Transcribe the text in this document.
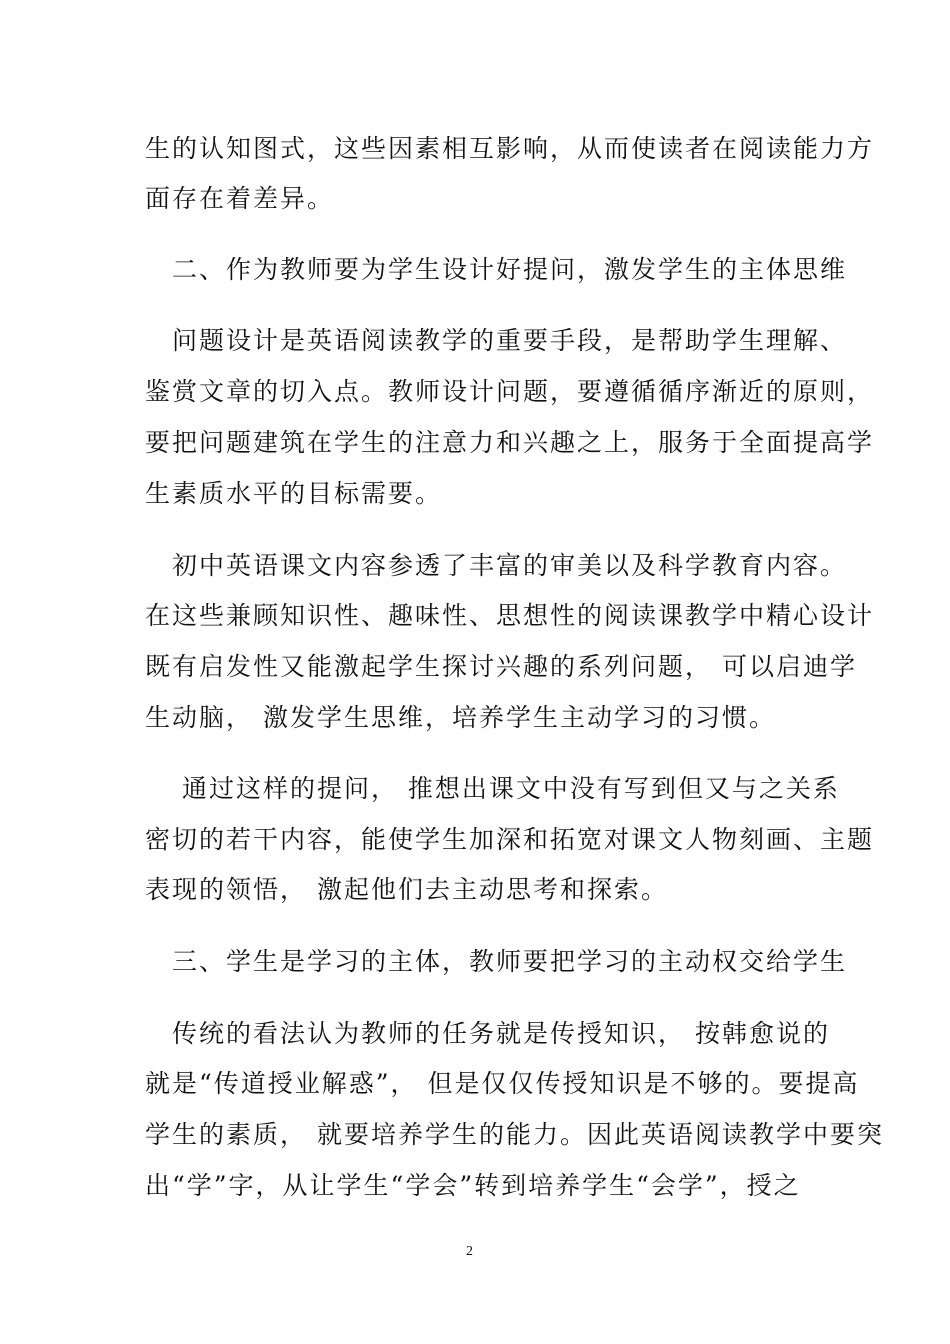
生的认知图式，这些因素相互影响，从而使读者在阅读能力方
面存在着差异。
　二、作为教师要为学生设计好提问，激发学生的主体思维
　问题设计是英语阅读教学的重要手段，是帮助学生理解、
鉴赏文章的切入点。教师设计问题，要遵循循序渐近的原则，
要把问题建筑在学生的注意力和兴趣之上，服务于全面提高学
生素质水平的目标需要。
　初中英语课文内容参透了丰富的审美以及科学教育内容。
在这些兼顾知识性、趣味性、思想性的阅读课教学中精心设计
既有启发性又能激起学生探讨兴趣的系列问题， 可以启迪学
生动脑， 激发学生思维，培养学生主动学习的习惯。
　 通过这样的提问， 推想出课文中没有写到但又与之关系
密切的若干内容，能使学生加深和拓宽对课文人物刻画、主题
表现的领悟， 激起他们去主动思考和探索。
　三、学生是学习的主体，教师要把学习的主动权交给学生
　传统的看法认为教师的任务就是传授知识， 按韩愈说的
就是“传道授业解惑”， 但是仅仅传授知识是不够的。要提高
学生的素质， 就要培养学生的能力。因此英语阅读教学中要突
出“学”字，从让学生“学会”转到培养学生“会学”，授之
2
